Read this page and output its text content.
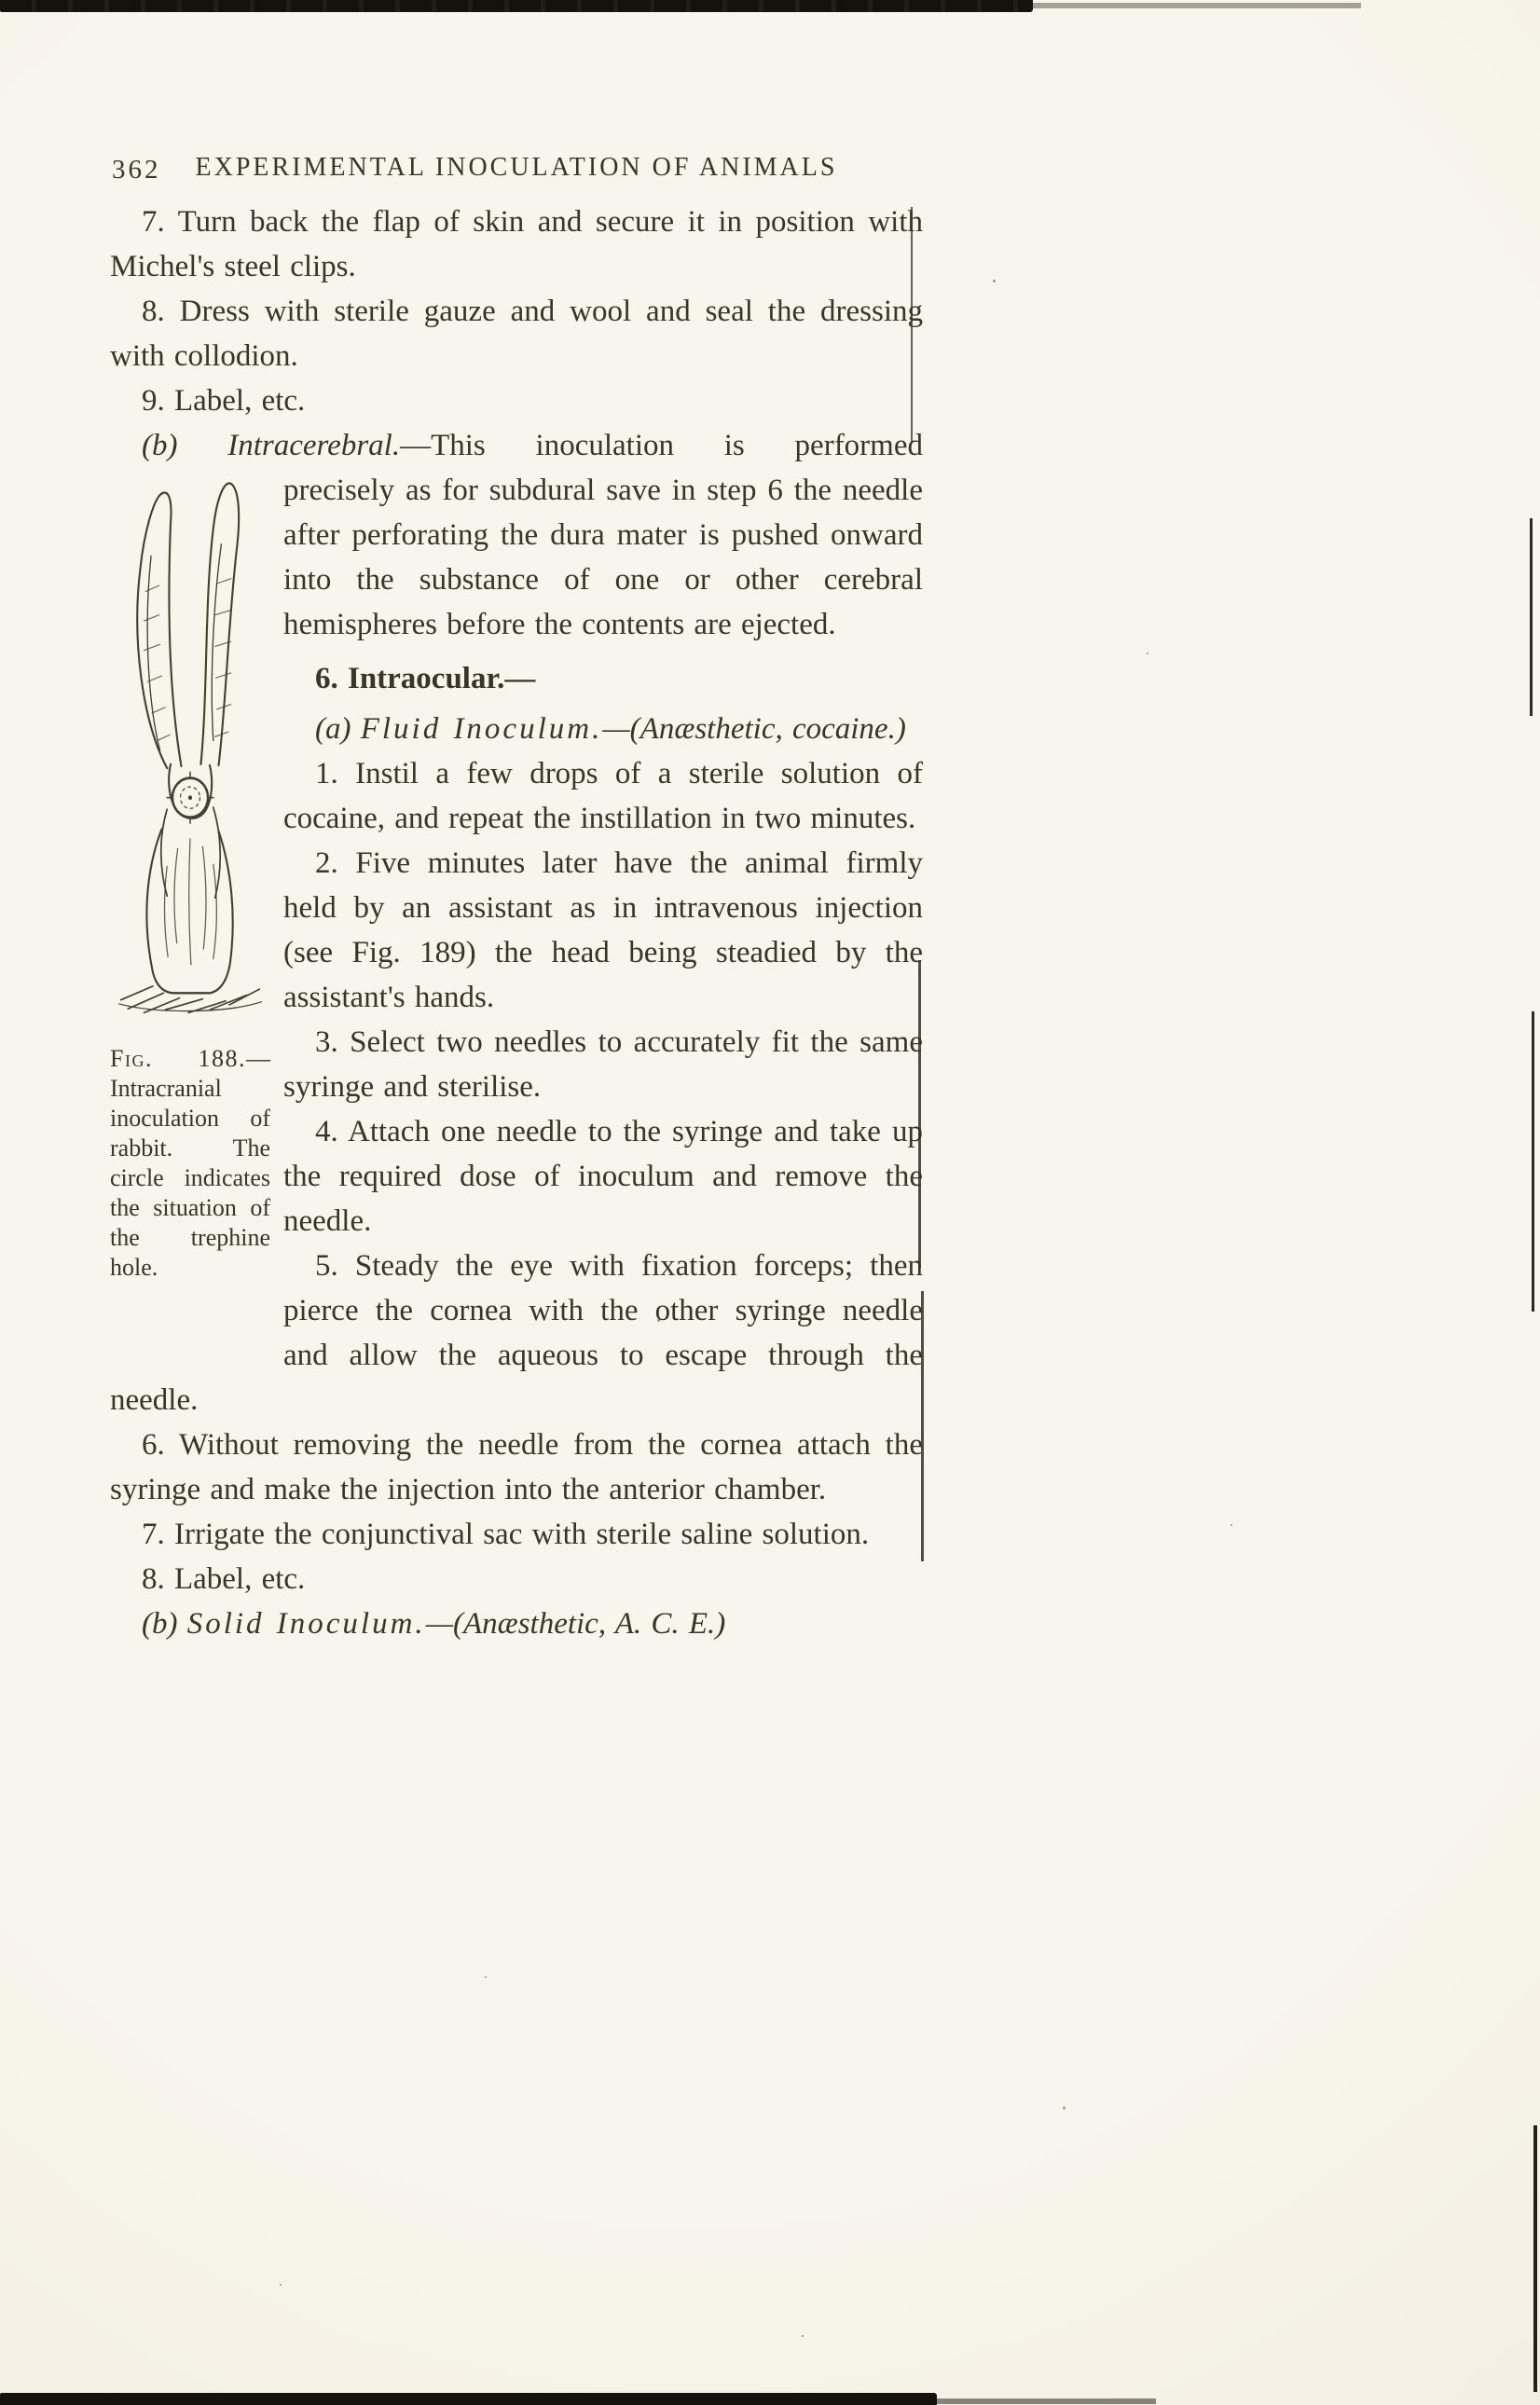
362	EXPERIMENTAL INOCULATION OF ANIMALS

7. Turn back the flap of skin and secure it in position with Michel's steel clips.

8. Dress with sterile gauze and wool and seal the dressing with collodion.

9. Label, etc.

(b) Intracerebral.—This inoculation is performed

Fig. 188.—Intracranial inoculation of rabbit. The circle indicates the situation of the trephine hole.

precisely as for subdural save in step 6 the needle after perforating the dura mater is pushed onward into the substance of one or other cerebral hemispheres before the contents are ejected.

6. Intraocular.—

(a) Fluid Inoculum.—(Anæsthetic, cocaine.)

1. Instil a few drops of a sterile solution of cocaine, and repeat the instillation in two minutes.

2. Five minutes later have the animal firmly held by an assistant as in intravenous injection (see Fig. 189) the head being steadied by the assistant's hands.

3. Select two needles to accurately fit the same syringe and sterilise.

4. Attach one needle to the syringe and take up the required dose of inoculum and remove the needle.

5. Steady the eye with fixation forceps; then pierce the cornea with the other syringe needle and allow the aqueous to escape through the needle.

6. Without removing the needle from the cornea attach the syringe and make the injection into the anterior chamber.

7. Irrigate the conjunctival sac with sterile saline solution.

8. Label, etc.

(b) Solid Inoculum.—(Anæsthetic, A. C. E.)
